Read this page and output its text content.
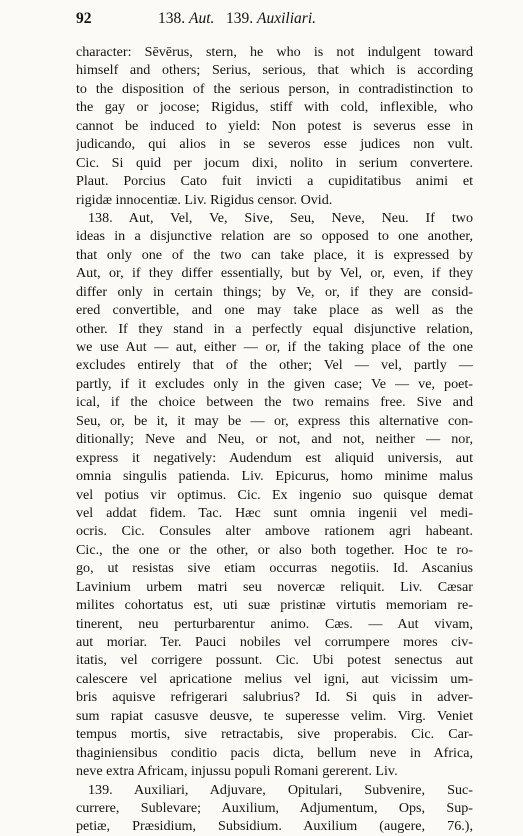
92	138. Aut. 139. Auxiliari.
character: Sēvērus, stern, he who is not indulgent toward
himself and others; Serius, serious, that which is according
to the disposition of the serious person, in contradistinction to
the gay or jocose; Rigidus, stiff with cold, inflexible, who
cannot be induced to yield: Non potest is severus esse in
judicando, qui alios in se severos esse judices non vult.
Cic. Si quid per jocum dixi, nolito in serium convertere.
Plaut. Porcius Cato fuit invicti a cupiditatibus animi et
rigidæ innocentiæ. Liv. Rigidus censor. Ovid.
138. Aut, Vel, Ve, Sive, Seu, Neve, Neu. If two
ideas in a disjunctive relation are so opposed to one another,
that only one of the two can take place, it is expressed by
Aut, or, if they differ essentially, but by Vel, or, even, if they
differ only in certain things; by Ve, or, if they are consid-
ered convertible, and one may take place as well as the
other. If they stand in a perfectly equal disjunctive relation,
we use Aut — aut, either — or, if the taking place of the one
excludes entirely that of the other; Vel — vel, partly —
partly, if it excludes only in the given case; Ve — ve, poet-
ical, if the choice between the two remains free. Sive and
Seu, or, be it, it may be — or, express this alternative con-
ditionally; Neve and Neu, or not, and not, neither — nor,
express it negatively: Audendum est aliquid universis, aut
omnia singulis patienda. Liv. Epicurus, homo minime malus
vel potius vir optimus. Cic. Ex ingenio suo quisque demat
vel addat fidem. Tac. Hæc sunt omnia ingenii vel medi-
ocris. Cic. Consules alter ambove rationem agri habeant.
Cic., the one or the other, or also both together. Hoc te ro-
go, ut resistas sive etiam occurras negotiis. Id. Ascanius
Lavinium urbem matri seu novercæ reliquit. Liv. Cæsar
milites cohortatus est, uti suæ pristinæ virtutis memoriam re-
tinerent, neu perturbarentur animo. Cæs. — Aut vivam,
aut moriar. Ter. Pauci nobiles vel corrumpere mores civ-
itatis, vel corrigere possunt. Cic. Ubi potest senectus aut
calescere vel apricatione melius vel igni, aut vicissim um-
bris aquisve refrigerari salubrius? Id. Si quis in adver-
sum rapiat casusve deusve, te superesse velim. Virg. Veniet
tempus mortis, sive retractabis, sive properabis. Cic. Car-
thaginiensibus conditio pacis dicta, bellum neve in Africa,
neve extra Africam, injussu populi Romani gererent. Liv.
139. Auxiliari, Adjuvare, Opitulari, Subvenire, Suc-
currere, Sublevare; Auxilium, Adjumentum, Ops, Sup-
petiæ, Præsidium, Subsidium. Auxilium (augere, 76.),
